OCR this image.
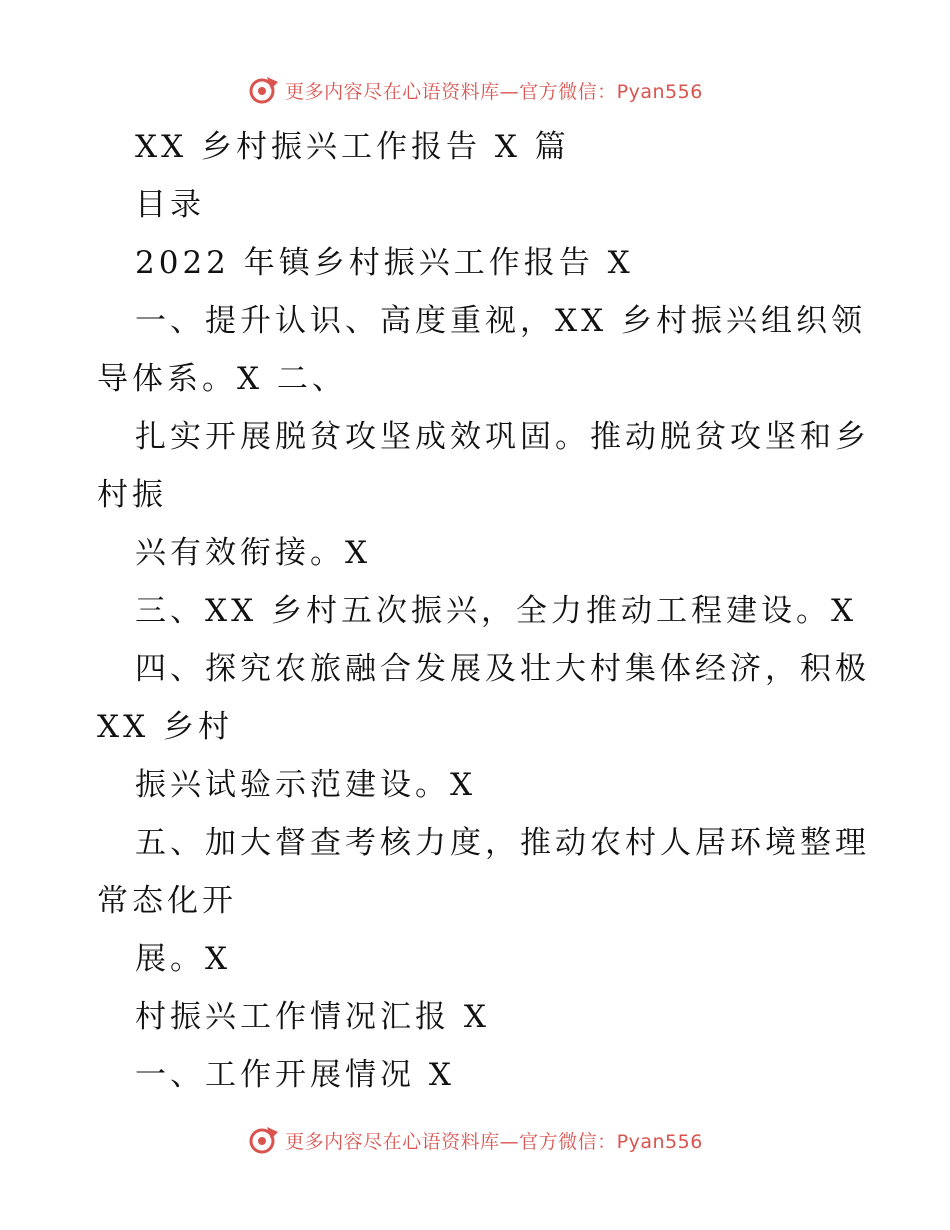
更多内容尽在心语资料库—官方微信：Pyan556
XX 乡村振兴工作报告 X 篇
目录
2022 年镇乡村振兴工作报告 X
一、提升认识、高度重视，XX 乡村振兴组织领
导体系。X 二、
扎实开展脱贫攻坚成效巩固。推动脱贫攻坚和乡
村振
兴有效衔接。X
三、XX 乡村五次振兴，全力推动工程建设。X
四、探究农旅融合发展及壮大村集体经济，积极
XX 乡村
振兴试验示范建设。X
五、加大督查考核力度，推动农村人居环境整理
常态化开
展。X
村振兴工作情况汇报 X
一、工作开展情况 X
更多内容尽在心语资料库—官方微信：Pyan556
